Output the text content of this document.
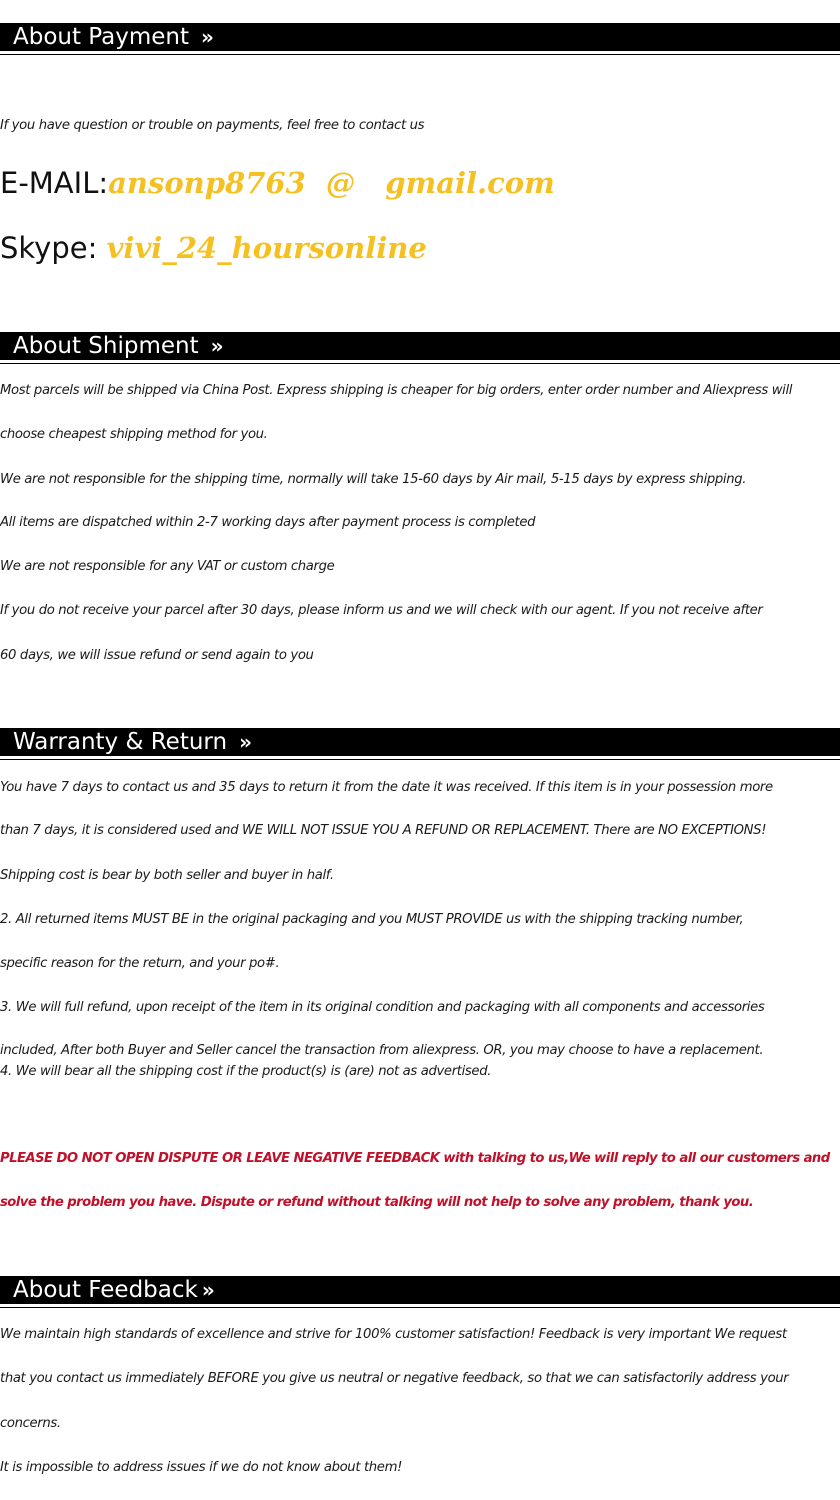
About Payment »
If you have question or trouble on payments, feel free to contact us
E-MAIL:ansonp8763  @   gmail.com
Skype: vivi_24_hoursonline
About Shipment »
Most parcels will be shipped via China Post. Express shipping is cheaper for big orders, enter order number and Aliexpress will
choose cheapest shipping method for you.
We are not responsible for the shipping time, normally will take 15-60 days by Air mail, 5-15 days by express shipping.
All items are dispatched within 2-7 working days after payment process is completed
We are not responsible for any VAT or custom charge
If you do not receive your parcel after 30 days, please inform us and we will check with our agent. If you not receive after
60 days, we will issue refund or send again to you
Warranty & Return »
You have 7 days to contact us and 35 days to return it from the date it was received. If this item is in your possession more
than 7 days, it is considered used and WE WILL NOT ISSUE YOU A REFUND OR REPLACEMENT. There are NO EXCEPTIONS!
Shipping cost is bear by both seller and buyer in half.
2. All returned items MUST BE in the original packaging and you MUST PROVIDE us with the shipping tracking number,
specific reason for the return, and your po#.
3. We will full refund, upon receipt of the item in its original condition and packaging with all components and accessories
included, After both Buyer and Seller cancel the transaction from aliexpress. OR, you may choose to have a replacement.
4. We will bear all the shipping cost if the product(s) is (are) not as advertised.
PLEASE DO NOT OPEN DISPUTE OR LEAVE NEGATIVE FEEDBACK with talking to us,We will reply to all our customers and
solve the problem you have. Dispute or refund without talking will not help to solve any problem, thank you.
About Feedback »
We maintain high standards of excellence and strive for 100% customer satisfaction! Feedback is very important We request
that you contact us immediately BEFORE you give us neutral or negative feedback, so that we can satisfactorily address your
concerns.
It is impossible to address issues if we do not know about them!
